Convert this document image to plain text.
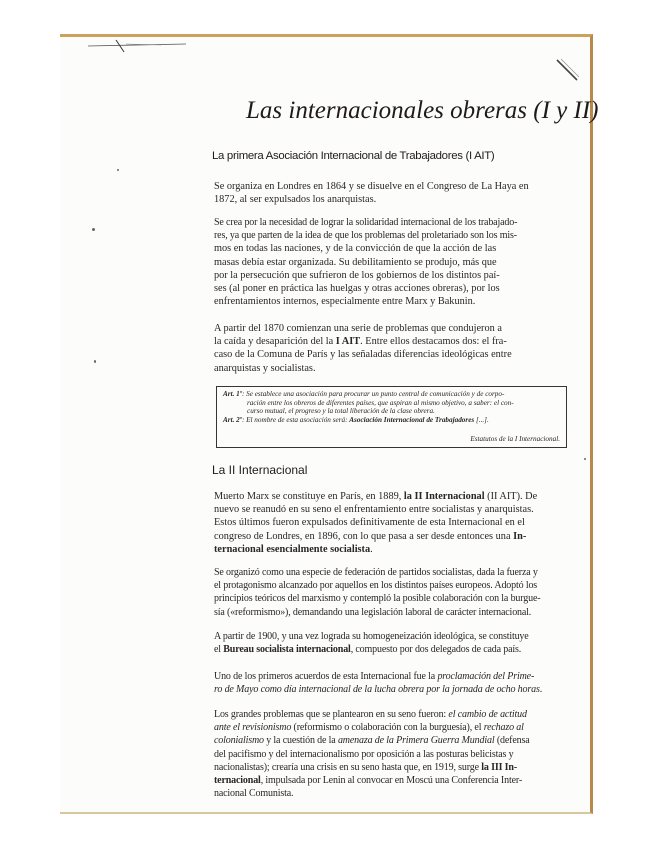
Las internacionales obreras (I y II)
La primera Asociación Internacional de Trabajadores (I AIT)
Se organiza en Londres en 1864 y se disuelve en el Congreso de La Haya en
1872, al ser expulsados los anarquistas.
Se crea por la necesidad de lograr la solidaridad internacional de los trabajado-
res, ya que parten de la idea de que los problemas del proletariado son los mis-
mos en todas las naciones, y de la convicción de que la acción de las
masas debía estar organizada. Su debilitamiento se produjo, más que
por la persecución que sufrieron de los gobiernos de los distintos paí-
ses (al poner en práctica las huelgas y otras acciones obreras), por los
enfrentamientos internos, especialmente entre Marx y Bakunin.
A partir del 1870 comienzan una serie de problemas que condujeron a
la caída y desaparición del la I AIT. Entre ellos destacamos dos: el fra-
caso de la Comuna de París y las señaladas diferencias ideológicas entre
anarquistas y socialistas.
Art. 1º: Se establece una asociación para procurar un punto central de comunicación y de corpo-
ración entre los obreros de diferentes países, que aspiran al mismo objetivo, a saber: el con-
curso mutual, el progreso y la total liberación de la clase obrera.
Art. 2º: El nombre de esta asociación será: Asociación Internacional de Trabajadores [...].
Estatutos de la I Internacional.
La II Internacional
Muerto Marx se constituye en París, en 1889, la II Internacional (II AIT). De
nuevo se reanudó en su seno el enfrentamiento entre socialistas y anarquistas.
Estos últimos fueron expulsados definitivamente de esta Internacional en el
congreso de Londres, en 1896, con lo que pasa a ser desde entonces una In-
ternacional esencialmente socialista.
Se organizó como una especie de federación de partidos socialistas, dada la fuerza y
el protagonismo alcanzado por aquellos en los distintos países europeos. Adoptó los
principios teóricos del marxismo y contempló la posible colaboración con la burgue-
sía («reformismo»), demandando una legislación laboral de carácter internacional.
A partir de 1900, y una vez lograda su homogeneización ideológica, se constituye
el Bureau socialista internacional, compuesto por dos delegados de cada país.
Uno de los primeros acuerdos de esta Internacional fue la proclamación del Prime-
ro de Mayo como día internacional de la lucha obrera por la jornada de ocho horas.
Los grandes problemas que se plantearon en su seno fueron: el cambio de actitud
ante el revisionismo (reformismo o colaboración con la burguesía), el rechazo al
colonialismo y la cuestión de la amenaza de la Primera Guerra Mundial (defensa
del pacifismo y del internacionalismo por oposición a las posturas belicistas y
nacionalistas); crearía una crisis en su seno hasta que, en 1919, surge la III In-
ternacional, impulsada por Lenin al convocar en Moscú una Conferencia Inter-
nacional Comunista.
